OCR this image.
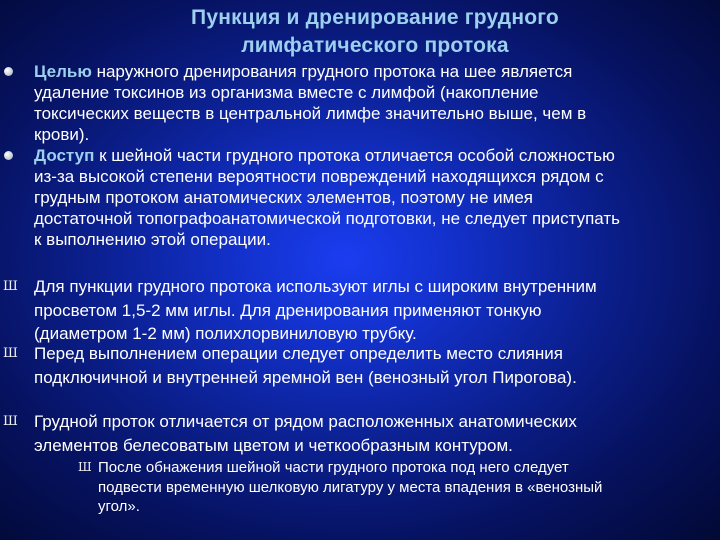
Пункция и дренирование грудного
лимфатического протока
Целью наружного дренирования грудного протока на шее является
удаление токсинов из организма вместе с лимфой (накопление
токсических веществ в центральной лимфе значительно выше, чем в
крови).
Доступ к шейной части грудного протока отличается особой сложностью
из-за высокой степени вероятности повреждений находящихся рядом с
грудным протоком анатомических элементов, поэтому не имея
достаточной топографоанатомической подготовки, не следует приступать
к выполнению этой операции.
Ш Для пункции грудного протока используют иглы с широким внутренним
просветом 1,5-2 мм иглы. Для дренирования применяют тонкую
(диаметром 1-2 мм) полихлорвиниловую трубку.
Ш Перед выполнением операции следует определить место слияния
подключичной и внутренней яремной вен (венозный угол Пирогова).
Ш Грудной проток отличается от рядом расположенных анатомических
элементов белесоватым цветом и четкообразным контуром.
Ш После обнажения шейной части грудного протока под него следует
подвести временную шелковую лигатуру у места впадения в «венозный
угол».
